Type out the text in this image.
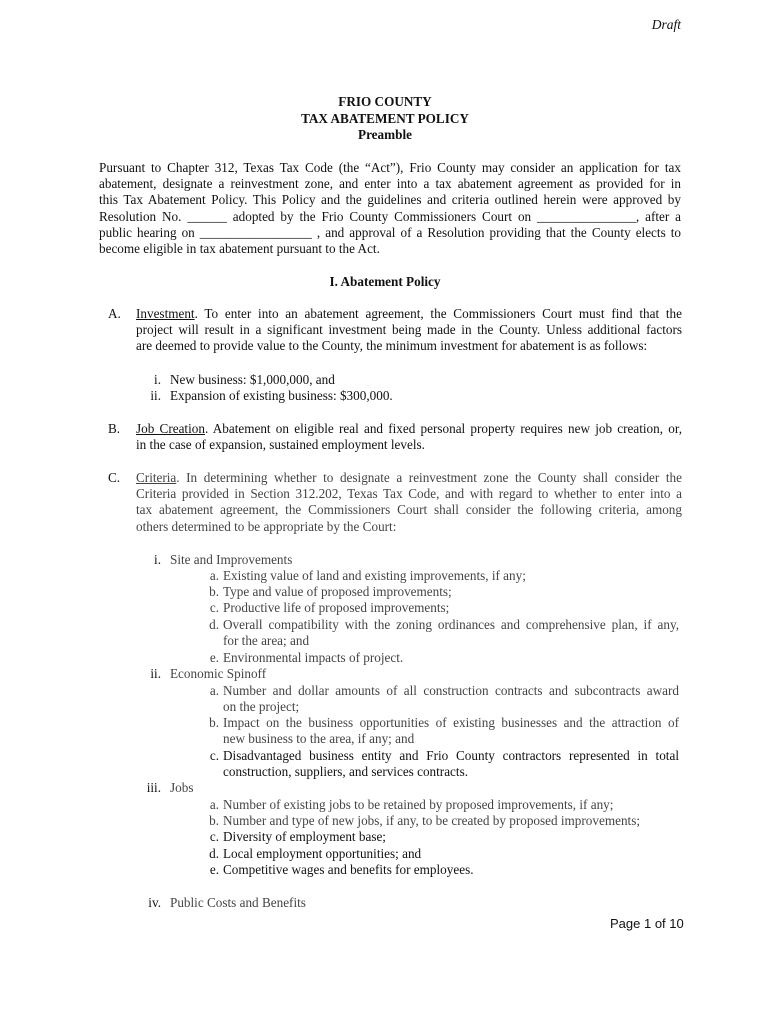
Draft
FRIO COUNTY
TAX ABATEMENT POLICY
Preamble
Pursuant to Chapter 312, Texas Tax Code (the “Act”), Frio County may consider an application for tax
abatement, designate a reinvestment zone, and enter into a tax abatement agreement as provided for in
this Tax Abatement Policy. This Policy and the guidelines and criteria outlined herein were approved by
Resolution No. ______ adopted by the Frio County Commissioners Court on _______________, after a
public hearing on _________________ , and approval of a Resolution providing that the County elects to
become eligible in tax abatement pursuant to the Act.
I. Abatement Policy
A.	Investment. To enter into an abatement agreement, the Commissioners Court must find that the
project will result in a significant investment being made in the County. Unless additional factors
are deemed to provide value to the County, the minimum investment for abatement is as follows:
i. New business: $1,000,000, and
ii. Expansion of existing business: $300,000.
B.	Job Creation. Abatement on eligible real and fixed personal property requires new job creation, or,
in the case of expansion, sustained employment levels.
C.	Criteria. In determining whether to designate a reinvestment zone the County shall consider the
Criteria provided in Section 312.202, Texas Tax Code, and with regard to whether to enter into a
tax abatement agreement, the Commissioners Court shall consider the following criteria, among
others determined to be appropriate by the Court:
i. Site and Improvements
a. Existing value of land and existing improvements, if any;
b. Type and value of proposed improvements;
c. Productive life of proposed improvements;
d. Overall compatibility with the zoning ordinances and comprehensive plan, if any,
for the area; and
e. Environmental impacts of project.
ii. Economic Spinoff
a. Number and dollar amounts of all construction contracts and subcontracts award
on the project;
b. Impact on the business opportunities of existing businesses and the attraction of
new business to the area, if any; and
c. Disadvantaged business entity and Frio County contractors represented in total
construction, suppliers, and services contracts.
iii. Jobs
a. Number of existing jobs to be retained by proposed improvements, if any;
b. Number and type of new jobs, if any, to be created by proposed improvements;
c. Diversity of employment base;
d. Local employment opportunities; and
e. Competitive wages and benefits for employees.
iv. Public Costs and Benefits
Page 1 of 10
